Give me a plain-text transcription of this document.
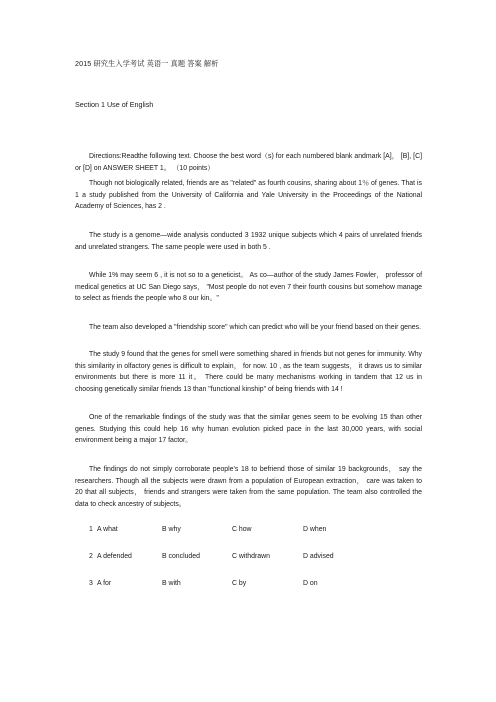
2015 研究生入学考试 英语一 真题 答案 解析
Section 1 Use of English

Directions:Readthe following text. Choose the best word（s) for each numbered blank andmark [A]， [B], [C] or [D] on ANSWER SHEET 1。 （10 points）

Though not biologically related, friends are as "related" as fourth cousins, sharing about 1％ of genes. That is 1 a study published from the University of California and Yale University in the Proceedings of the National Academy of Sciences, has 2 .

The study is a genome—wide analysis conducted 3 1932 unique subjects which 4 pairs of unrelated friends and unrelated strangers. The same people were used in both 5 .

While 1% may seem 6 , it is not so to a geneticist。 As co—author of the study James Fowler， professor of medical genetics at UC San Diego says， "Most people do not even 7 their fourth cousins but somehow manage to select as friends the people who 8 our kin。"

The team also developed a "friendship score" which can predict who will be your friend based on their genes.

The study 9 found that the genes for smell were something shared in friends but not genes for immunity. Why this similarity in olfactory genes is difficult to explain， for now. 10 , as the team suggests， it draws us to similar environments but there is more 11 it。 There could be many mechanisms working in tandem that 12 us in choosing genetically similar friends 13 than "functional kinship" of being friends with 14 !

One of the remarkable findings of the study was that the similar genes seem to be evolving 15 than other genes. Studying this could help 16 why human evolution picked pace in the last 30,000 years, with social environment being a major 17 factor。

The findings do not simply corroborate people’s 18 to befriend those of similar 19 backgrounds， say the researchers. Though all the subjects were drawn from a population of European extraction， care was taken to 20 that all subjects， friends and strangers were taken from the same population. The team also controlled the data to check ancestry of subjects。

1 A what	B why	C how	D when
2 A defended	B concluded	C withdrawn	D advised
3 A for	B with	C by	D on
